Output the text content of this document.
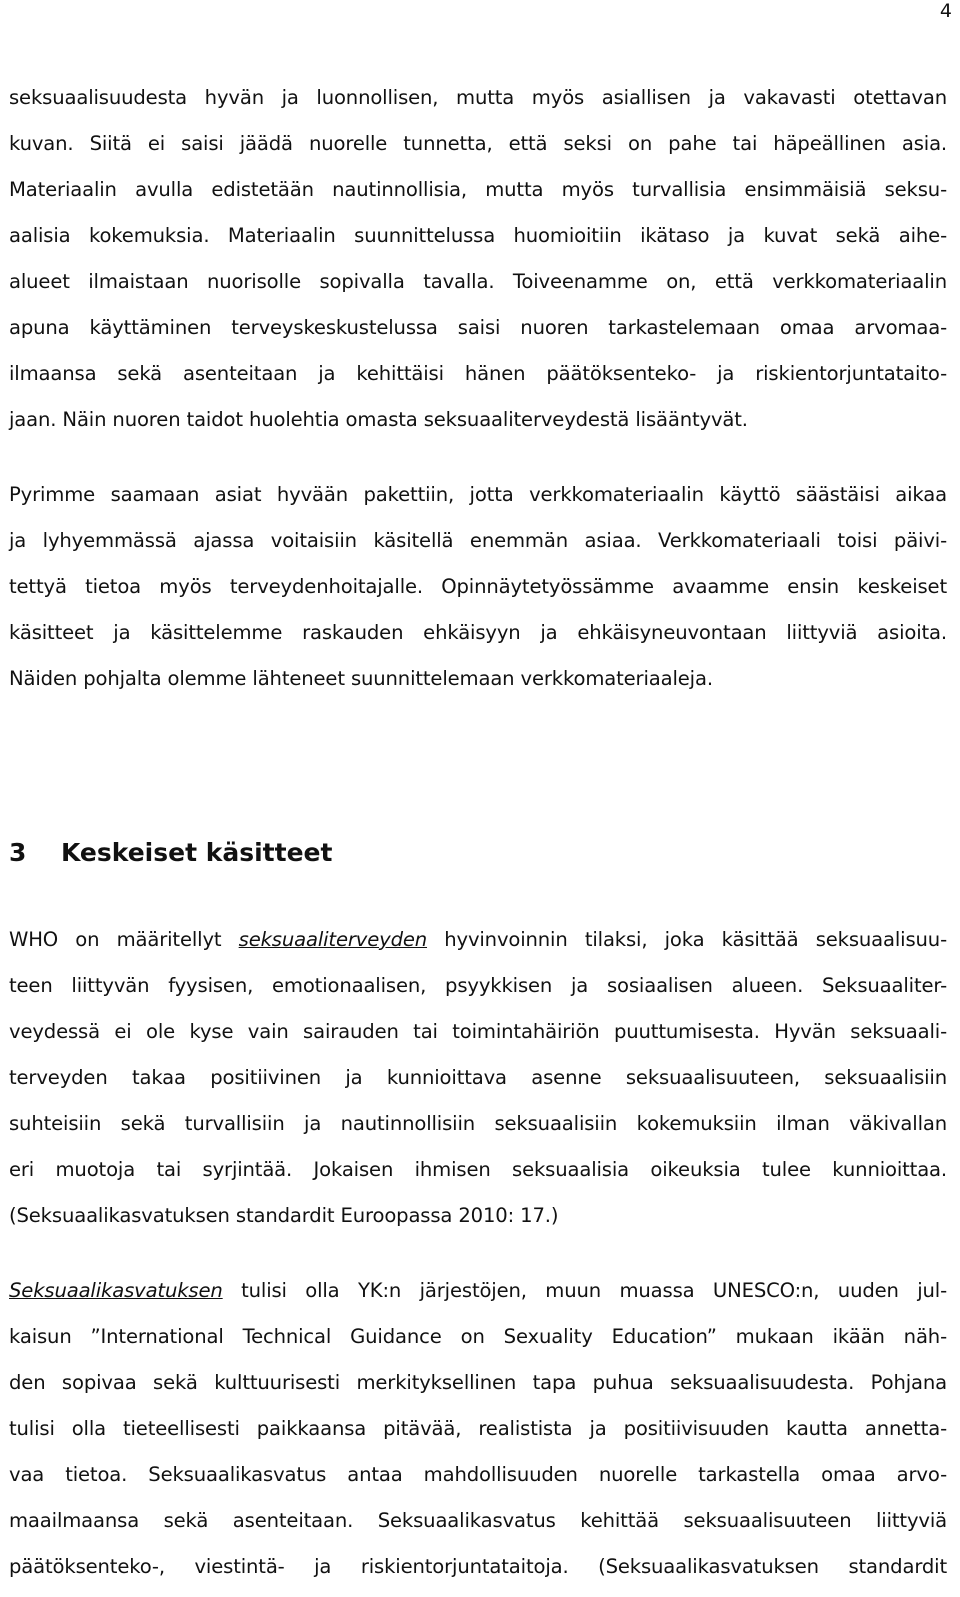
4
seksuaalisuudesta hyvän ja luonnollisen, mutta myös asiallisen ja vakavasti otettavan
kuvan. Siitä ei saisi jäädä nuorelle tunnetta, että seksi on pahe tai häpeällinen asia.
Materiaalin avulla edistetään nautinnollisia, mutta myös turvallisia ensimmäisiä seksu-
aalisia kokemuksia. Materiaalin suunnittelussa huomioitiin ikätaso ja kuvat sekä aihe-
alueet ilmaistaan nuorisolle sopivalla tavalla. Toiveenamme on, että verkkomateriaalin
apuna käyttäminen terveyskeskustelussa saisi nuoren tarkastelemaan omaa arvomaa-
ilmaansa sekä asenteitaan ja kehittäisi hänen päätöksenteko- ja riskientorjuntataito-
jaan. Näin nuoren taidot huolehtia omasta seksuaaliterveydestä lisääntyvät.
Pyrimme saamaan asiat hyvään pakettiin, jotta verkkomateriaalin käyttö säästäisi aikaa
ja lyhyemmässä ajassa voitaisiin käsitellä enemmän asiaa. Verkkomateriaali toisi päivi-
tettyä tietoa myös terveydenhoitajalle. Opinnäytetyössämme avaamme ensin keskeiset
käsitteet ja käsittelemme raskauden ehkäisyyn ja ehkäisyneuvontaan liittyviä asioita.
Näiden pohjalta olemme lähteneet suunnittelemaan verkkomateriaaleja.
3 Keskeiset käsitteet
WHO on määritellyt seksuaaliterveyden hyvinvoinnin tilaksi, joka käsittää seksuaalisuu-
teen liittyvän fyysisen, emotionaalisen, psyykkisen ja sosiaalisen alueen. Seksuaaliter-
veydessä ei ole kyse vain sairauden tai toimintahäiriön puuttumisesta. Hyvän seksuaali-
terveyden takaa positiivinen ja kunnioittava asenne seksuaalisuuteen, seksuaalisiin
suhteisiin sekä turvallisiin ja nautinnollisiin seksuaalisiin kokemuksiin ilman väkivallan
eri muotoja tai syrjintää. Jokaisen ihmisen seksuaalisia oikeuksia tulee kunnioittaa.
(Seksuaalikasvatuksen standardit Euroopassa 2010: 17.)
Seksuaalikasvatuksen tulisi olla YK:n järjestöjen, muun muassa UNESCO:n, uuden jul-
kaisun ”International Technical Guidance on Sexuality Education” mukaan ikään näh-
den sopivaa sekä kulttuurisesti merkityksellinen tapa puhua seksuaalisuudesta. Pohjana
tulisi olla tieteellisesti paikkaansa pitävää, realistista ja positiivisuuden kautta annetta-
vaa tietoa. Seksuaalikasvatus antaa mahdollisuuden nuorelle tarkastella omaa arvo-
maailmaansa sekä asenteitaan. Seksuaalikasvatus kehittää seksuaalisuuteen liittyviä
päätöksenteko-, viestintä- ja riskientorjuntataitoja. (Seksuaalikasvatuksen standardit
